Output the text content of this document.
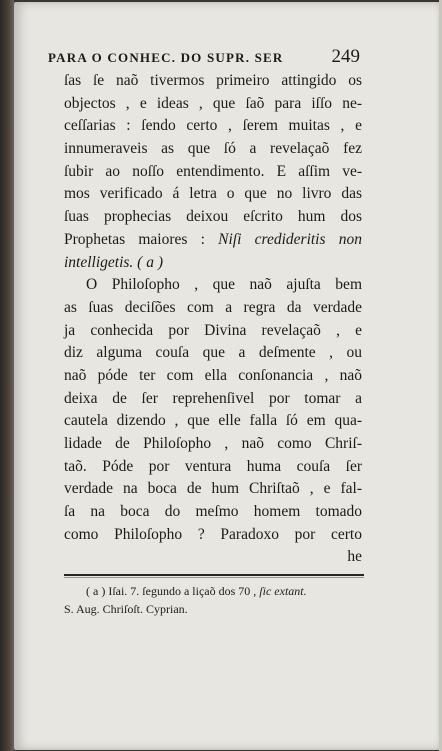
PARA O CONHEC. DO SUPR. SER	249
ſas ſe naõ tivermos primeiro attingido os
objectos , e ideas , que ſaõ para iſſo ne-
ceſſarias : ſendo certo , ſerem muitas , e
innumeraveis as que ſó a revelaçaõ fez
ſubir ao noſſo entendimento. E aſſim ve-
mos verificado á letra o que no livro das
ſuas prophecias deixou eſcrito hum dos
Prophetas maiores : Niſi credideritis non
intelligetis. ( a )
O Philoſopho , que naõ ajuſta bem
as ſuas deciſões com a regra da verdade
ja conhecida por Divina revelaçaõ , e
diz alguma couſa que a deſmente , ou
naõ póde ter com ella conſonancia , naõ
deixa de ſer reprehenſivel por tomar a
cautela dizendo , que elle falla ſó em qua-
lidade de Philoſopho , naõ como Chriſ-
taõ. Póde por ventura huma couſa ſer
verdade na boca de hum Chriſtaõ , e fal-
ſa na boca do meſmo homem tomado
como Philoſopho ? Paradoxo por certo
he
( a ) Iſai. 7. ſegundo a liçaõ dos 70 , ſic extant.
S. Aug. Chriſoſt. Cyprian.
